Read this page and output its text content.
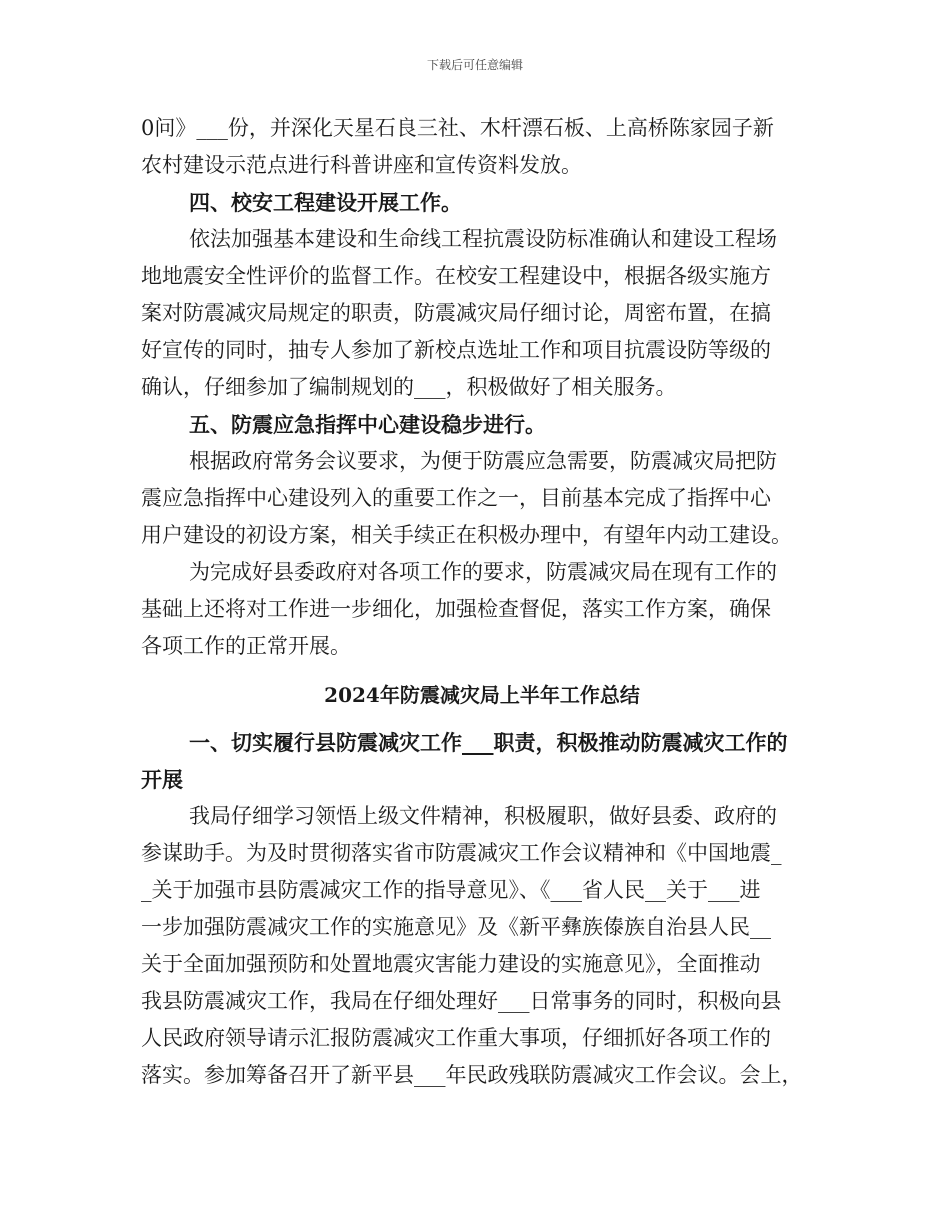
下载后可任意编辑
0问》___份，并深化天星石良三社、木杆漂石板、上高桥陈家园子新
农村建设示范点进行科普讲座和宣传资料发放。
四、校安工程建设开展工作。
依法加强基本建设和生命线工程抗震设防标准确认和建设工程场
地地震安全性评价的监督工作。在校安工程建设中，根据各级实施方
案对防震减灾局规定的职责，防震减灾局仔细讨论，周密布置，在搞
好宣传的同时，抽专人参加了新校点选址工作和项目抗震设防等级的
确认，仔细参加了编制规划的___，积极做好了相关服务。
五、防震应急指挥中心建设稳步进行。
根据政府常务会议要求，为便于防震应急需要，防震减灾局把防
震应急指挥中心建设列入的重要工作之一，目前基本完成了指挥中心
用户建设的初设方案，相关手续正在积极办理中，有望年内动工建设。
为完成好县委政府对各项工作的要求，防震减灾局在现有工作的
基础上还将对工作进一步细化，加强检查督促，落实工作方案，确保
各项工作的正常开展。
2024年防震减灾局上半年工作总结
一、切实履行县防震减灾工作___职责，积极推动防震减灾工作的
开展
我局仔细学习领悟上级文件精神，积极履职，做好县委、政府的
参谋助手。为及时贯彻落实省市防震减灾工作会议精神和《中国地震_
_关于加强市县防震减灾工作的指导意见》、《___省人民__关于___进
一步加强防震减灾工作的实施意见》及《新平彝族傣族自治县人民__
关于全面加强预防和处置地震灾害能力建设的实施意见》，全面推动
我县防震减灾工作，我局在仔细处理好___日常事务的同时，积极向县
人民政府领导请示汇报防震减灾工作重大事项，仔细抓好各项工作的
落实。参加筹备召开了新平县___年民政残联防震减灾工作会议。会上，
